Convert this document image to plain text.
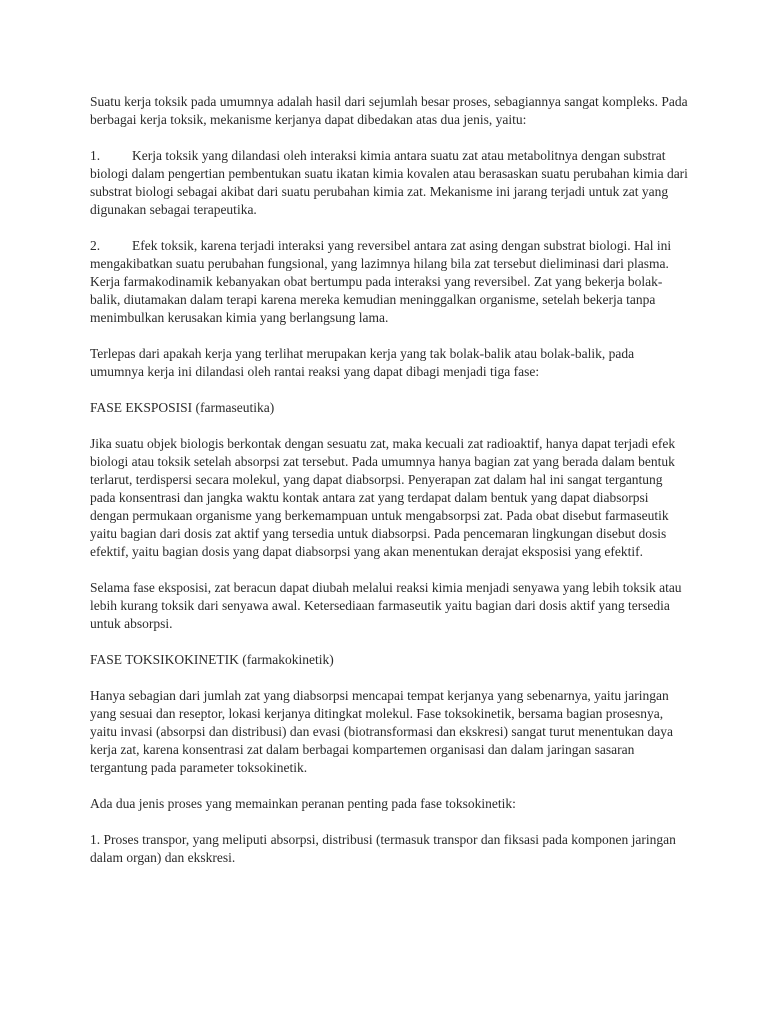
Suatu kerja toksik pada umumnya adalah hasil dari sejumlah besar proses, sebagiannya sangat kompleks. Pada berbagai kerja toksik, mekanisme kerjanya dapat dibedakan atas dua jenis, yaitu:

1. Kerja toksik yang dilandasi oleh interaksi kimia antara suatu zat atau metabolitnya dengan substrat biologi dalam pengertian pembentukan suatu ikatan kimia kovalen atau berasaskan suatu perubahan kimia dari substrat biologi sebagai akibat dari suatu perubahan kimia zat. Mekanisme ini jarang terjadi untuk zat yang digunakan sebagai terapeutika.

2. Efek toksik, karena terjadi interaksi yang reversibel antara zat asing dengan substrat biologi. Hal ini mengakibatkan suatu perubahan fungsional, yang lazimnya hilang bila zat tersebut dieliminasi dari plasma. Kerja farmakodinamik kebanyakan obat bertumpu pada interaksi yang reversibel. Zat yang bekerja bolak-balik, diutamakan dalam terapi karena mereka kemudian meninggalkan organisme, setelah bekerja tanpa menimbulkan kerusakan kimia yang berlangsung lama.

Terlepas dari apakah kerja yang terlihat merupakan kerja yang tak bolak-balik atau bolak-balik, pada umumnya kerja ini dilandasi oleh rantai reaksi yang dapat dibagi menjadi tiga fase:

FASE EKSPOSISI (farmaseutika)

Jika suatu objek biologis berkontak dengan sesuatu zat, maka kecuali zat radioaktif, hanya dapat terjadi efek biologi atau toksik setelah absorpsi zat tersebut. Pada umumnya hanya bagian zat yang berada dalam bentuk terlarut, terdispersi secara molekul, yang dapat diabsorpsi. Penyerapan zat dalam hal ini sangat tergantung pada konsentrasi dan jangka waktu kontak antara zat yang terdapat dalam bentuk yang dapat diabsorpsi dengan permukaan organisme yang berkemampuan untuk mengabsorpsi zat. Pada obat disebut farmaseutik yaitu bagian dari dosis zat aktif yang tersedia untuk diabsorpsi. Pada pencemaran lingkungan disebut dosis efektif, yaitu bagian dosis yang dapat diabsorpsi yang akan menentukan derajat eksposisi yang efektif.

Selama fase eksposisi, zat beracun dapat diubah melalui reaksi kimia menjadi senyawa yang lebih toksik atau lebih kurang toksik dari senyawa awal. Ketersediaan farmaseutik yaitu bagian dari dosis aktif yang tersedia untuk absorpsi.

FASE TOKSIKOKINETIK (farmakokinetik)

Hanya sebagian dari jumlah zat yang diabsorpsi mencapai tempat kerjanya yang sebenarnya, yaitu jaringan yang sesuai dan reseptor, lokasi kerjanya ditingkat molekul. Fase toksokinetik, bersama bagian prosesnya, yaitu invasi (absorpsi dan distribusi) dan evasi (biotransformasi dan ekskresi) sangat turut menentukan daya kerja zat, karena konsentrasi zat dalam berbagai kompartemen organisasi dan dalam jaringan sasaran tergantung pada parameter toksokinetik.

Ada dua jenis proses yang memainkan peranan penting pada fase toksokinetik:

1. Proses transpor, yang meliputi absorpsi, distribusi (termasuk transpor dan fiksasi pada komponen jaringan dalam organ) dan ekskresi.
